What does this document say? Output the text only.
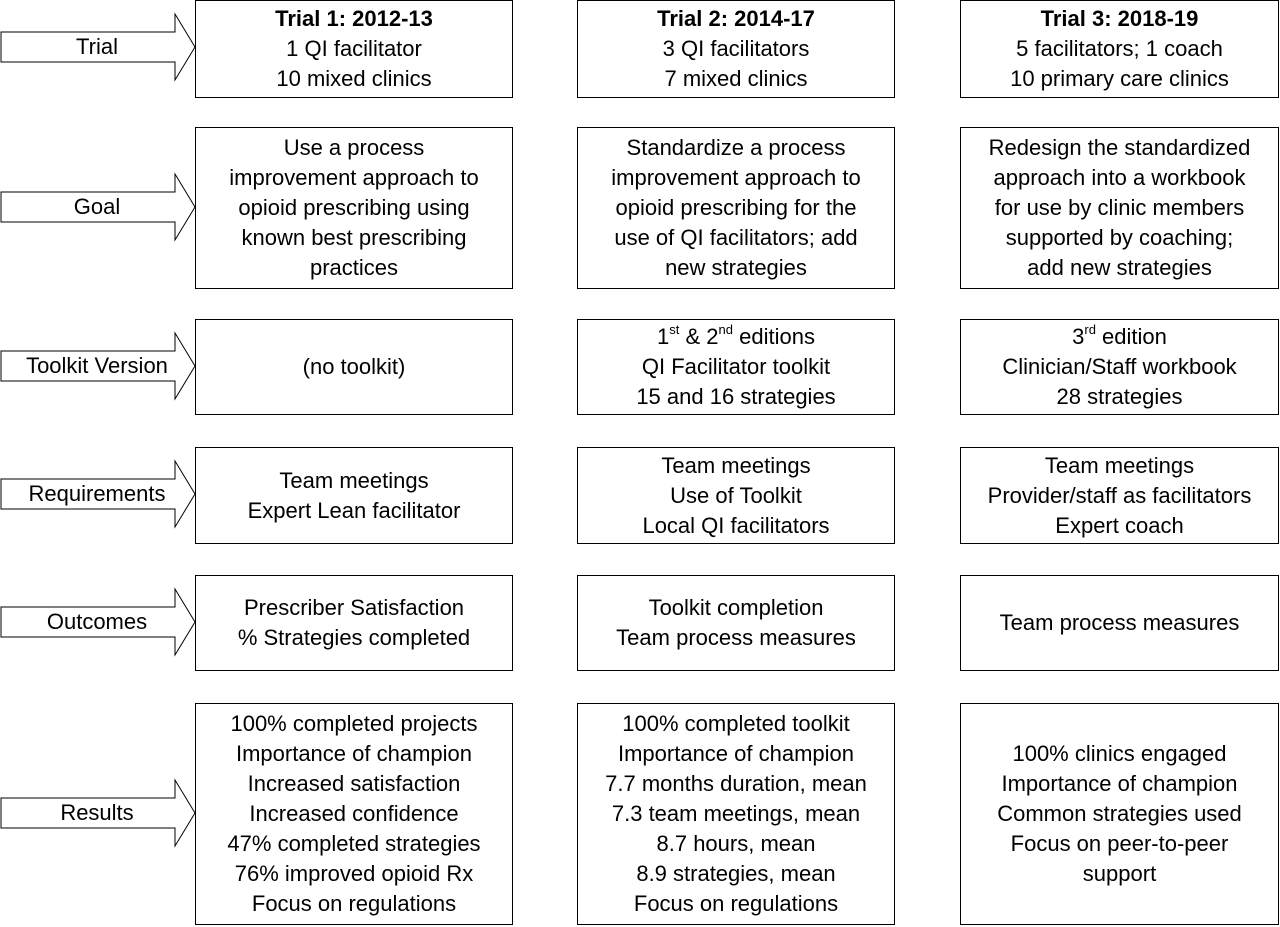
Trial
Goal
Toolkit Version
Requirements
Outcomes
Results
Trial 1: 2012-13
1 QI facilitator
10 mixed clinics
Trial 2: 2014-17
3 QI facilitators
7 mixed clinics
Trial 3: 2018-19
5 facilitators; 1 coach
10 primary care clinics
Use a process
improvement approach to
opioid prescribing using
known best prescribing
practices
Standardize a process
improvement approach to
opioid prescribing for the
use of QI facilitators; add
new strategies
Redesign the standardized
approach into a workbook
for use by clinic members
supported by coaching;
add new strategies
(no toolkit)
1st & 2nd editions
QI Facilitator toolkit
15 and 16 strategies
3rd edition
Clinician/Staff workbook
28 strategies
Team meetings
Expert Lean facilitator
Team meetings
Use of Toolkit
Local QI facilitators
Team meetings
Provider/staff as facilitators
Expert coach
Prescriber Satisfaction
% Strategies completed
Toolkit completion
Team process measures
Team process measures
100% completed projects
Importance of champion
Increased satisfaction
Increased confidence
47% completed strategies
76% improved opioid Rx
Focus on regulations
100% completed toolkit
Importance of champion
7.7 months duration, mean
7.3 team meetings, mean
8.7 hours, mean
8.9 strategies, mean
Focus on regulations
100% clinics engaged
Importance of champion
Common strategies used
Focus on peer-to-peer
support
